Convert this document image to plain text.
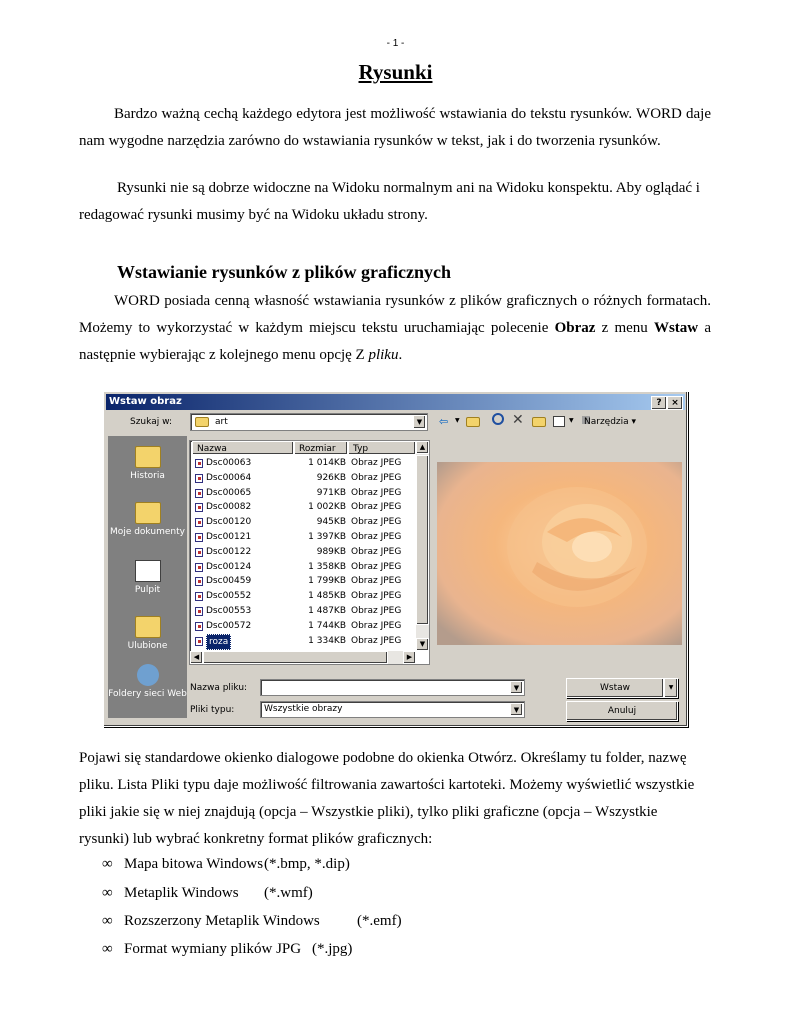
- 1 -
Rysunki
Bardzo ważną cechą każdego edytora jest możliwość wstawiania do tekstu rysunków. WORD daje nam wygodne narzędzia zarówno do wstawiania rysunków w tekst, jak i do tworzenia rysunków.
Rysunki nie są dobrze widoczne na Widoku normalnym ani na Widoku konspektu. Aby oglądać i redagować rysunki musimy być na Widoku układu strony.
Wstawianie rysunków z plików graficznych
WORD posiada cenną własność wstawiania rysunków z plików graficznych o różnych formatach. Możemy to wykorzystać w każdym miejscu tekstu uruchamiając polecenie Obraz z menu Wstaw a następnie wybierając z kolejnego menu opcję Z pliku.
Wstaw obraz	?	×
Szukaj w:	art	▼	⇦ ▼	✕	▼ Narzędzia ▾
Historia
Moje dokumenty
Pulpit
Ulubione
Foldery sieci Web
Nazwa	Rozmiar	Typ
Dsc00063	1 014KB Obraz JPEG
Dsc00064	926KB Obraz JPEG
Dsc00065	971KB Obraz JPEG
Dsc00082	1 002KB Obraz JPEG
Dsc00120	945KB Obraz JPEG
Dsc00121	1 397KB Obraz JPEG
Dsc00122	989KB Obraz JPEG
Dsc00124	1 358KB Obraz JPEG
Dsc00459	1 799KB Obraz JPEG
Dsc00552	1 485KB Obraz JPEG
Dsc00553	1 487KB Obraz JPEG
Dsc00572	1 744KB Obraz JPEG
roza	1 334KB Obraz JPEG
▲
▼
◀	▶
Nazwa pliku:	▼
Pliki typu:	Wszystkie obrazy	▼
Wstaw	▼
Anuluj
Pojawi się standardowe okienko dialogowe podobne do okienka Otwórz. Określamy tu folder, nazwę pliku. Lista Pliki typu daje możliwość filtrowania zawartości kartoteki. Możemy wyświetlić wszystkie pliki jakie się w niej znajdują (opcja – Wszystkie pliki), tylko pliki graficzne (opcja – Wszystkie rysunki) lub wybrać konkretny format plików graficznych:
∞ Mapa bitowa Windows (*.bmp, *.dip)
∞ Metaplik Windows (*.wmf)
∞ Rozszerzony Metaplik Windows (*.emf)
∞ Format wymiany plików JPG (*.jpg)
